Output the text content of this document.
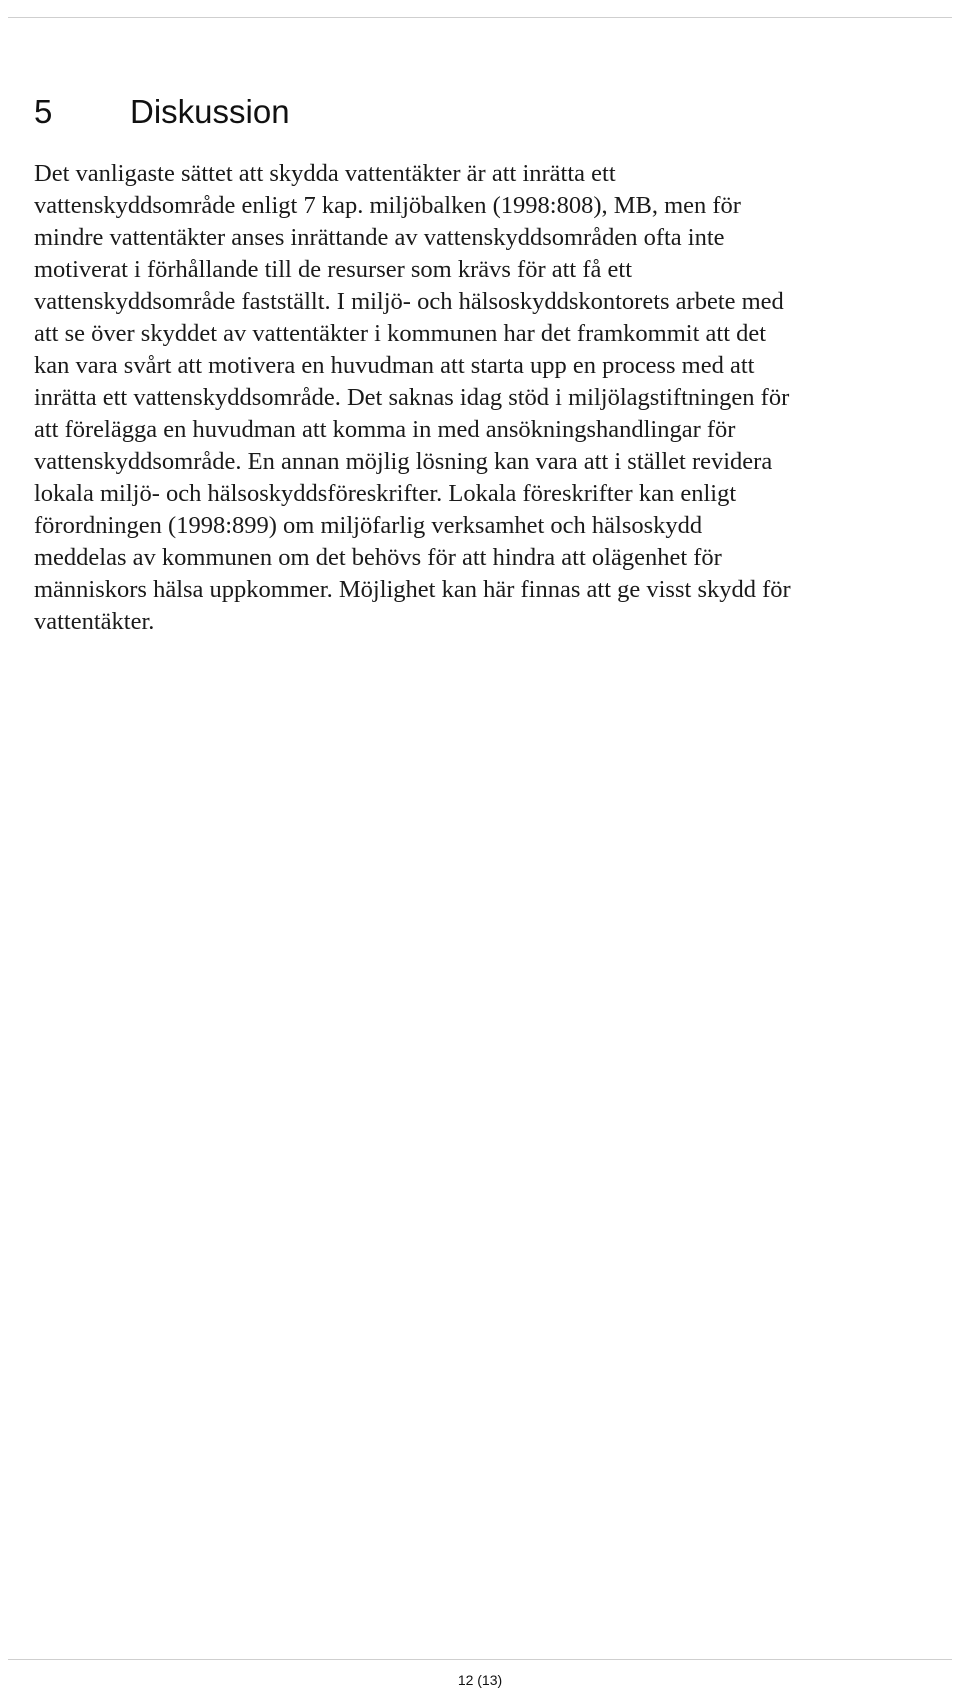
5 Diskussion
Det vanligaste sättet att skydda vattentäkter är att inrätta ett
vattenskyddsområde enligt 7 kap. miljöbalken (1998:808), MB, men för
mindre vattentäkter anses inrättande av vattenskyddsområden ofta inte
motiverat i förhållande till de resurser som krävs för att få ett
vattenskyddsområde fastställt. I miljö- och hälsoskyddskontorets arbete med
att se över skyddet av vattentäkter i kommunen har det framkommit att det
kan vara svårt att motivera en huvudman att starta upp en process med att
inrätta ett vattenskyddsområde. Det saknas idag stöd i miljölagstiftningen för
att förelägga en huvudman att komma in med ansökningshandlingar för
vattenskyddsområde. En annan möjlig lösning kan vara att i stället revidera
lokala miljö- och hälsoskyddsföreskrifter. Lokala föreskrifter kan enligt
förordningen (1998:899) om miljöfarlig verksamhet och hälsoskydd
meddelas av kommunen om det behövs för att hindra att olägenhet för
människors hälsa uppkommer. Möjlighet kan här finnas att ge visst skydd för
vattentäkter.
12 (13)
